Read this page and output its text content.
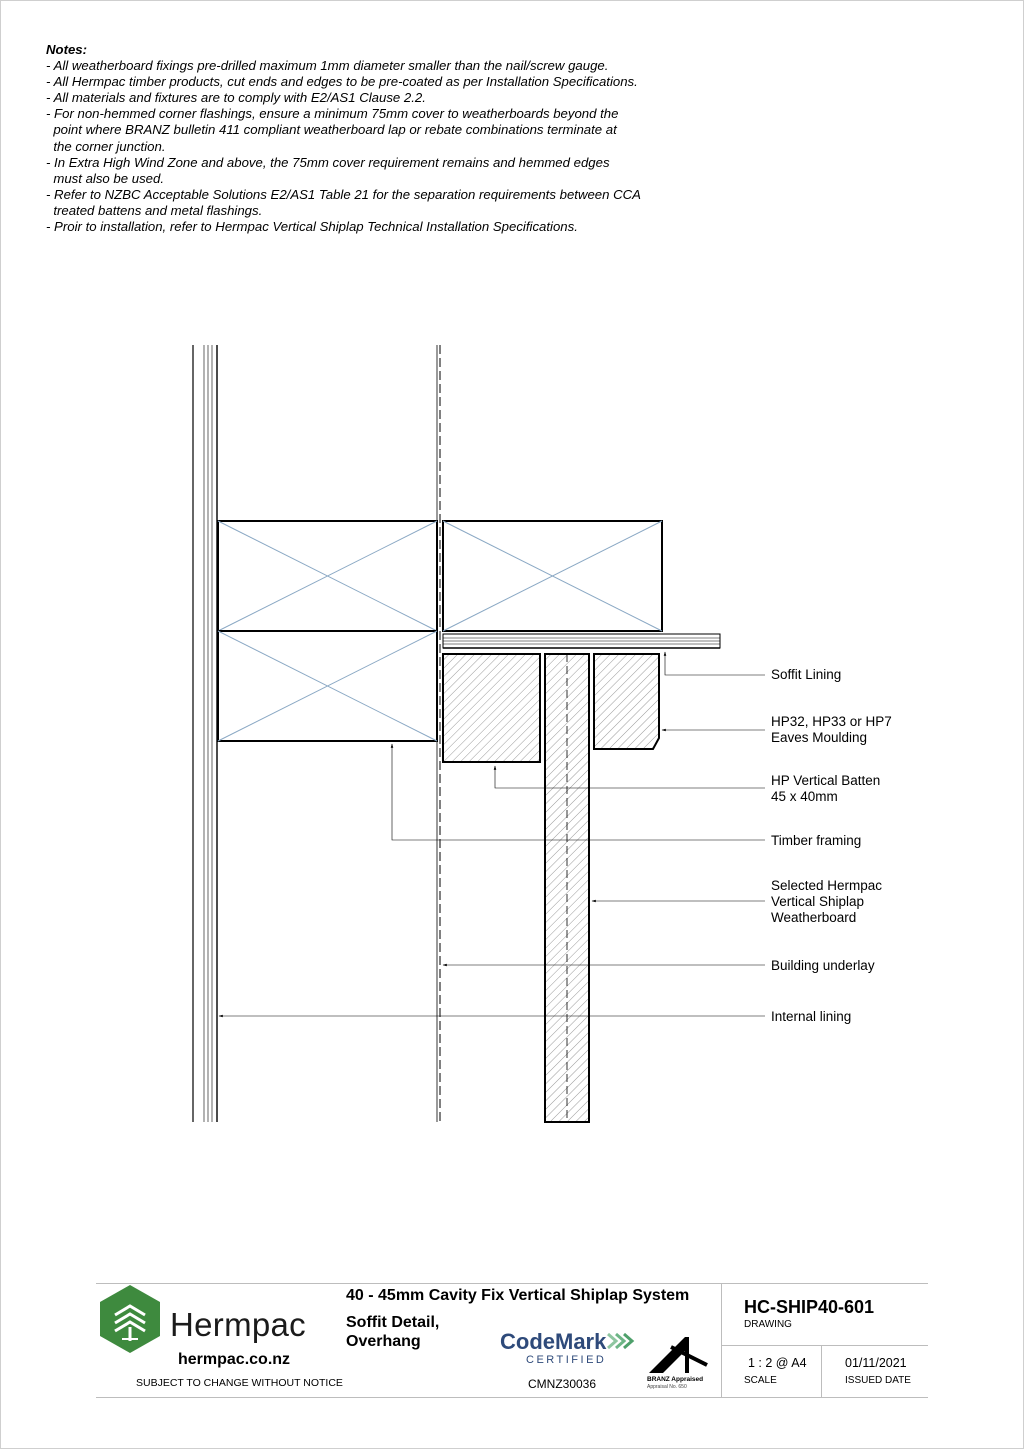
Notes:
- All weatherboard fixings pre-drilled maximum 1mm diameter smaller than the nail/screw gauge.
- All Hermpac timber products, cut ends and edges to be pre-coated as per Installation Specifications.
- All materials and fixtures are to comply with E2/AS1 Clause 2.2.
- For non-hemmed corner flashings, ensure a minimum 75mm cover to weatherboards beyond the
point where BRANZ bulletin 411 compliant weatherboard lap or rebate combinations terminate at
the corner junction.
- In Extra High Wind Zone and above, the 75mm cover requirement remains and hemmed edges
must also be used.
- Refer to NZBC Acceptable Solutions E2/AS1 Table 21 for the separation requirements between CCA
treated battens and metal flashings.
- Proir to installation, refer to Hermpac Vertical Shiplap Technical Installation Specifications.
Soffit Lining
HP32, HP33 or HP7
Eaves Moulding
HP Vertical Batten
45 x 40mm
Timber framing
Selected Hermpac
Vertical Shiplap
Weatherboard
Building underlay
Internal lining
Hermpac
hermpac.co.nz
SUBJECT TO CHANGE WITHOUT NOTICE
40 - 45mm Cavity Fix Vertical Shiplap System
Soffit Detail,
Overhang	CodeMark
CERTIFIED
CMNZ30036	BRANZ Appraised
Appraisal No. 650
HC-SHIP40-601
DRAWING
1 : 2 @ A4
SCALE
01/11/2021
ISSUED DATE
